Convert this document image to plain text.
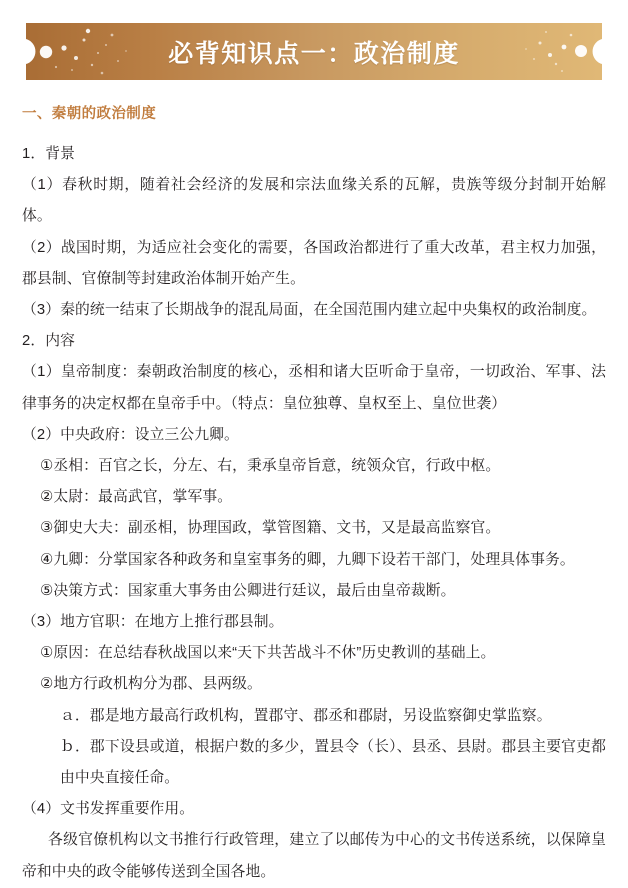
必背知识点一：政治制度
一、秦朝的政治制度

1．背景

（1）春秋时期，随着社会经济的发展和宗法血缘关系的瓦解，贵族等级分封制开始解体。

（2）战国时期，为适应社会变化的需要，各国政治都进行了重大改革，君主权力加强，郡县制、官僚制等封建政治体制开始产生。

（3）秦的统一结束了长期战争的混乱局面，在全国范围内建立起中央集权的政治制度。

2．内容

（1）皇帝制度：秦朝政治制度的核心，丞相和诸大臣听命于皇帝，一切政治、军事、法律事务的决定权都在皇帝手中。（特点：皇位独尊、皇权至上、皇位世袭）

（2）中央政府：设立三公九卿。

①丞相：百官之长，分左、右，秉承皇帝旨意，统领众官，行政中枢。

②太尉：最高武官，掌军事。

③御史大夫：副丞相，协理国政，掌管图籍、文书，又是最高监察官。

④九卿：分掌国家各种政务和皇室事务的卿，九卿下设若干部门，处理具体事务。

⑤决策方式：国家重大事务由公卿进行廷议，最后由皇帝裁断。

（3）地方官职：在地方上推行郡县制。

①原因：在总结春秋战国以来“天下共苦战斗不休”历史教训的基础上。

②地方行政机构分为郡、县两级。

ａ．郡是地方最高行政机构，置郡守、郡丞和郡尉，另设监察御史掌监察。

ｂ．郡下设县或道，根据户数的多少，置县令（长）、县丞、县尉。郡县主要官吏都由中央直接任命。

（4）文书发挥重要作用。

各级官僚机构以文书推行行政管理，建立了以邮传为中心的文书传送系统，以保障皇帝和中央的政令能够传送到全国各地。
